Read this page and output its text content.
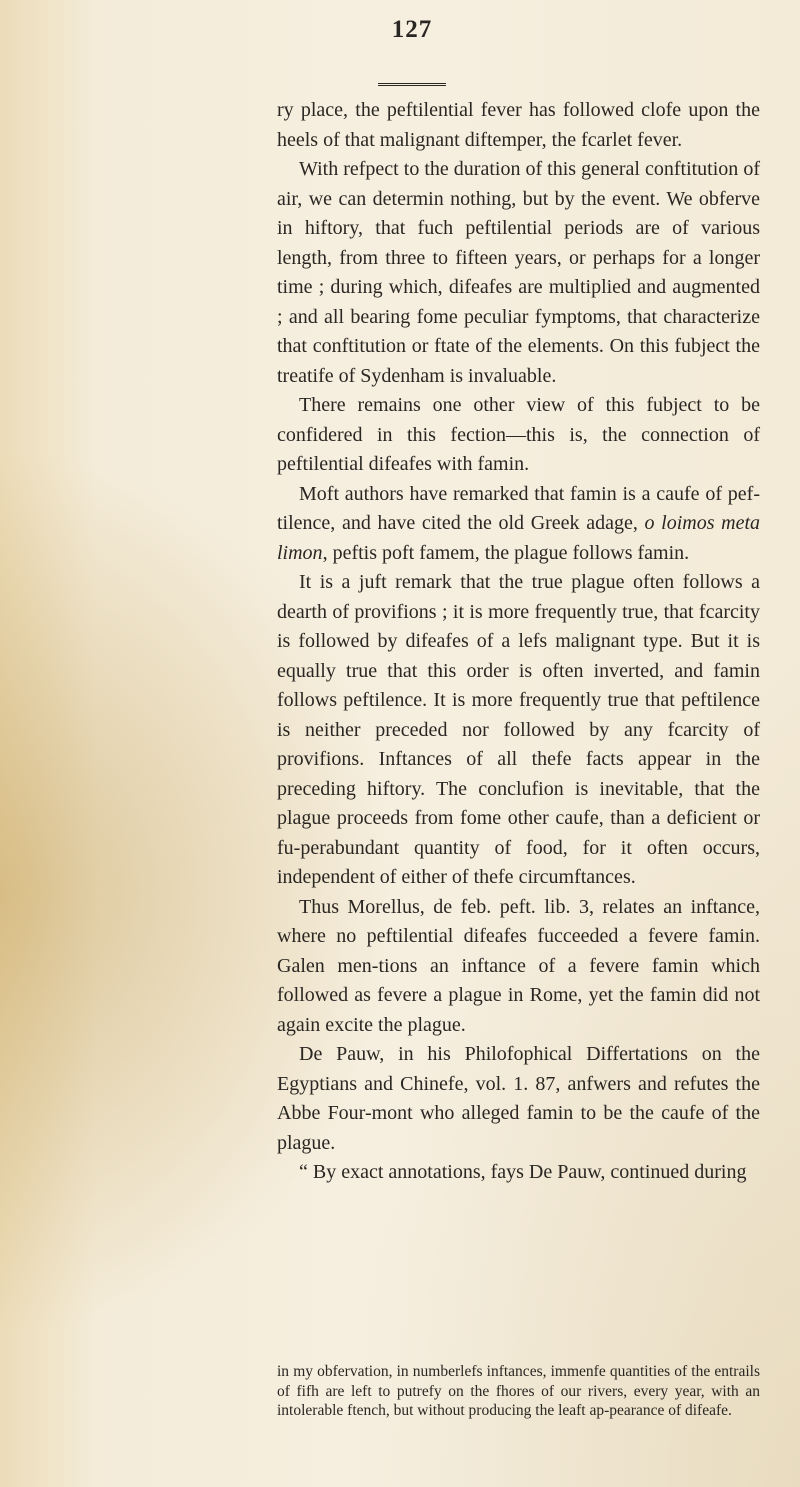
127

ry place, the peftilential fever has followed clofe upon the heels of that malignant diftemper, the fcarlet fever.

With refpect to the duration of this general conftitution of air, we can determin nothing, but by the event. We obferve in hiftory, that fuch peftilential periods are of various length, from three to fifteen years, or perhaps for a longer time ; during which, difeafes are multiplied and augmented ; and all bearing fome peculiar fymptoms, that characterize that conftitution or ftate of the elements. On this fubject the treatife of Sydenham is invaluable.

There remains one other view of this fubject to be confidered in this fection—this is, the connection of peftilential difeafes with famin.

Moft authors have remarked that famin is a caufe of pef-tilence, and have cited the old Greek adage, o loimos meta limon, peftis poft famem, the plague follows famin.

It is a juft remark that the true plague often follows a dearth of provifions ; it is more frequently true, that fcarcity is followed by difeafes of a lefs malignant type. But it is equally true that this order is often inverted, and famin follows peftilence. It is more frequently true that peftilence is neither preceded nor followed by any fcarcity of provifions. Inftances of all thefe facts appear in the preceding hiftory. The conclufion is inevitable, that the plague proceeds from fome other caufe, than a deficient or fu-perabundant quantity of food, for it often occurs, independent of either of thefe circumftances.

Thus Morellus, de feb. peft. lib. 3, relates an inftance, where no peftilential difeafes fucceeded a fevere famin. Galen men-tions an inftance of a fevere famin which followed as fevere a plague in Rome, yet the famin did not again excite the plague.

De Pauw, in his Philofophical Differtations on the Egyptians and Chinefe, vol. 1. 87, anfwers and refutes the Abbe Four-mont who alleged famin to be the caufe of the plague.

“ By exact annotations, fays De Pauw, continued during

in my obfervation, in numberlefs inftances, immenfe quantities of the entrails of fifh are left to putrefy on the fhores of our rivers, every year, with an intolerable ftench, but without producing the leaft ap-pearance of difeafe.
